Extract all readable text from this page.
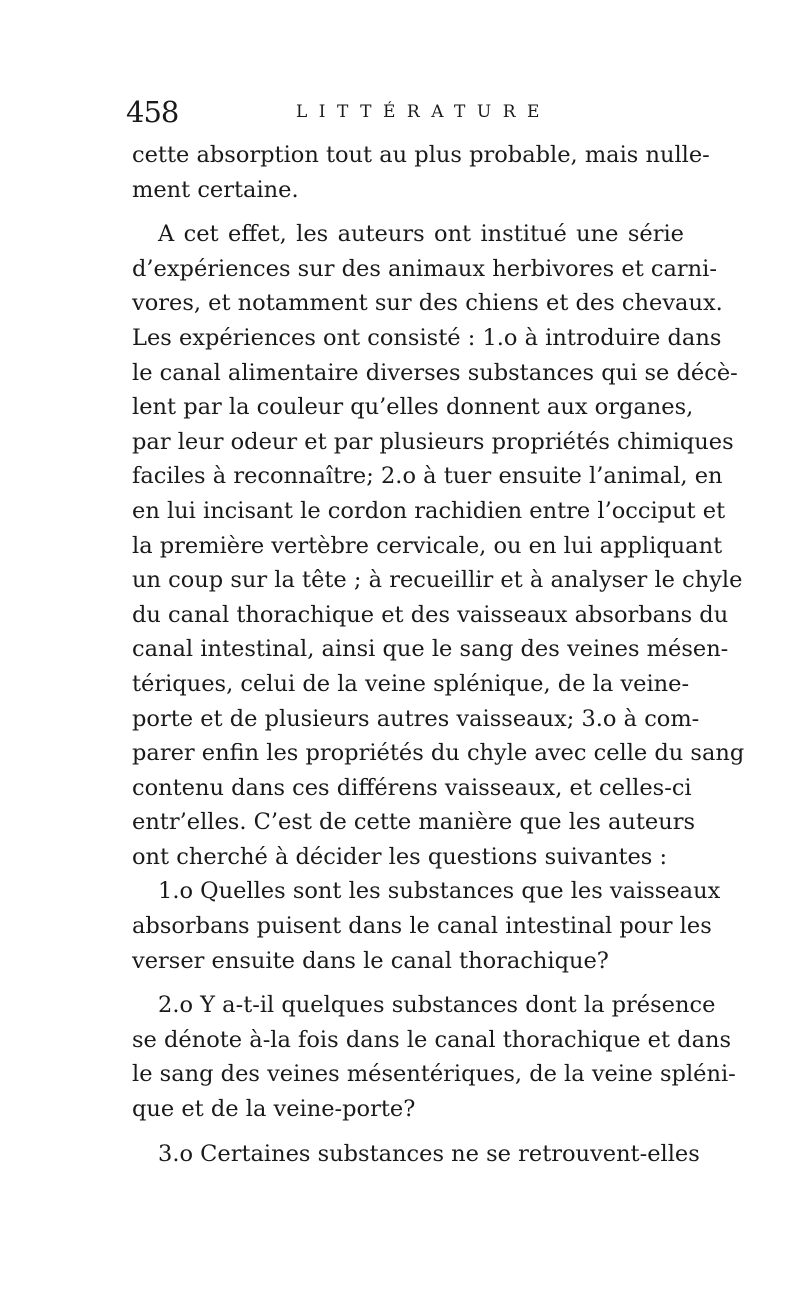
458	LITTÉRATURE
cette absorption tout au plus probable, mais nulle-
ment certaine.
A cet effet, les auteurs ont institué une série
d’expériences sur des animaux herbivores et carni-
vores, et notamment sur des chiens et des chevaux.
Les expériences ont consisté : 1.o à introduire dans
le canal alimentaire diverses substances qui se décè-
lent par la couleur qu’elles donnent aux organes,
par leur odeur et par plusieurs propriétés chimiques
faciles à reconnaître; 2.o à tuer ensuite l’animal, en
en lui incisant le cordon rachidien entre l’occiput et
la première vertèbre cervicale, ou en lui appliquant
un coup sur la tête ; à recueillir et à analyser le chyle
du canal thorachique et des vaisseaux absorbans du
canal intestinal, ainsi que le sang des veines mésen-
tériques, celui de la veine splénique, de la veine-
porte et de plusieurs autres vaisseaux; 3.o à com-
parer enfin les propriétés du chyle avec celle du sang
contenu dans ces différens vaisseaux, et celles-ci
entr’elles. C’est de cette manière que les auteurs
ont cherché à décider les questions suivantes :
1.o Quelles sont les substances que les vaisseaux
absorbans puisent dans le canal intestinal pour les
verser ensuite dans le canal thorachique?
2.o Y a-t-il quelques substances dont la présence
se dénote à-la fois dans le canal thorachique et dans
le sang des veines mésentériques, de la veine spléni-
que et de la veine-porte?
3.o Certaines substances ne se retrouvent-elles
